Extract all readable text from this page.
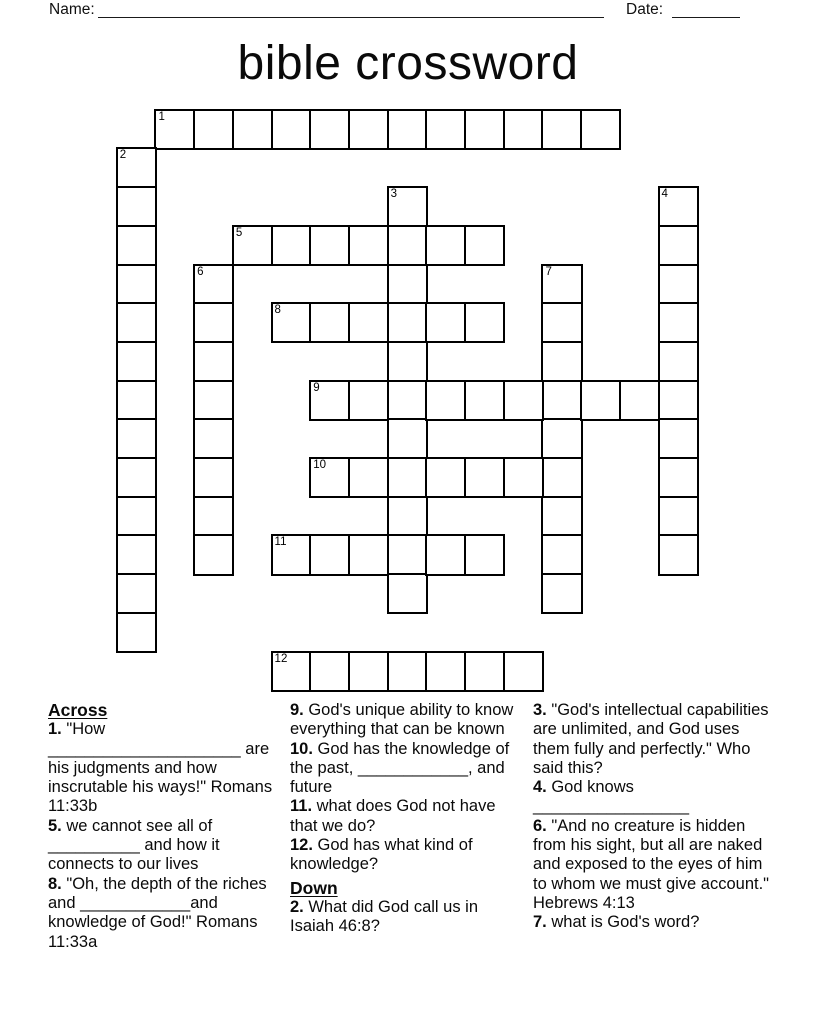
Name:	Date:
bible crossword
1
2
3	4
5
6	7
8
9
10
11
12

Across

1. "How _____________________ are his judgments and how inscrutable his ways!" Romans 11:33b

5. we cannot see all of __________ and how it connects to our lives

8. "Oh, the depth of the riches and ____________and knowledge of God!" Romans 11:33a

9. God's unique ability to know everything that can be known

10. God has the knowledge of the past, ____________, and future

11. what does God not have that we do?

12. God has what kind of knowledge?

Down

2. What did God call us in Isaiah 46:8?

3. "God's intellectual capabilities are unlimited, and God uses them fully and perfectly." Who said this?

4. God knows _________________

6. "And no creature is hidden from his sight, but all are naked and exposed to the eyes of him to whom we must give account." Hebrews 4:13

7. what is God's word?
